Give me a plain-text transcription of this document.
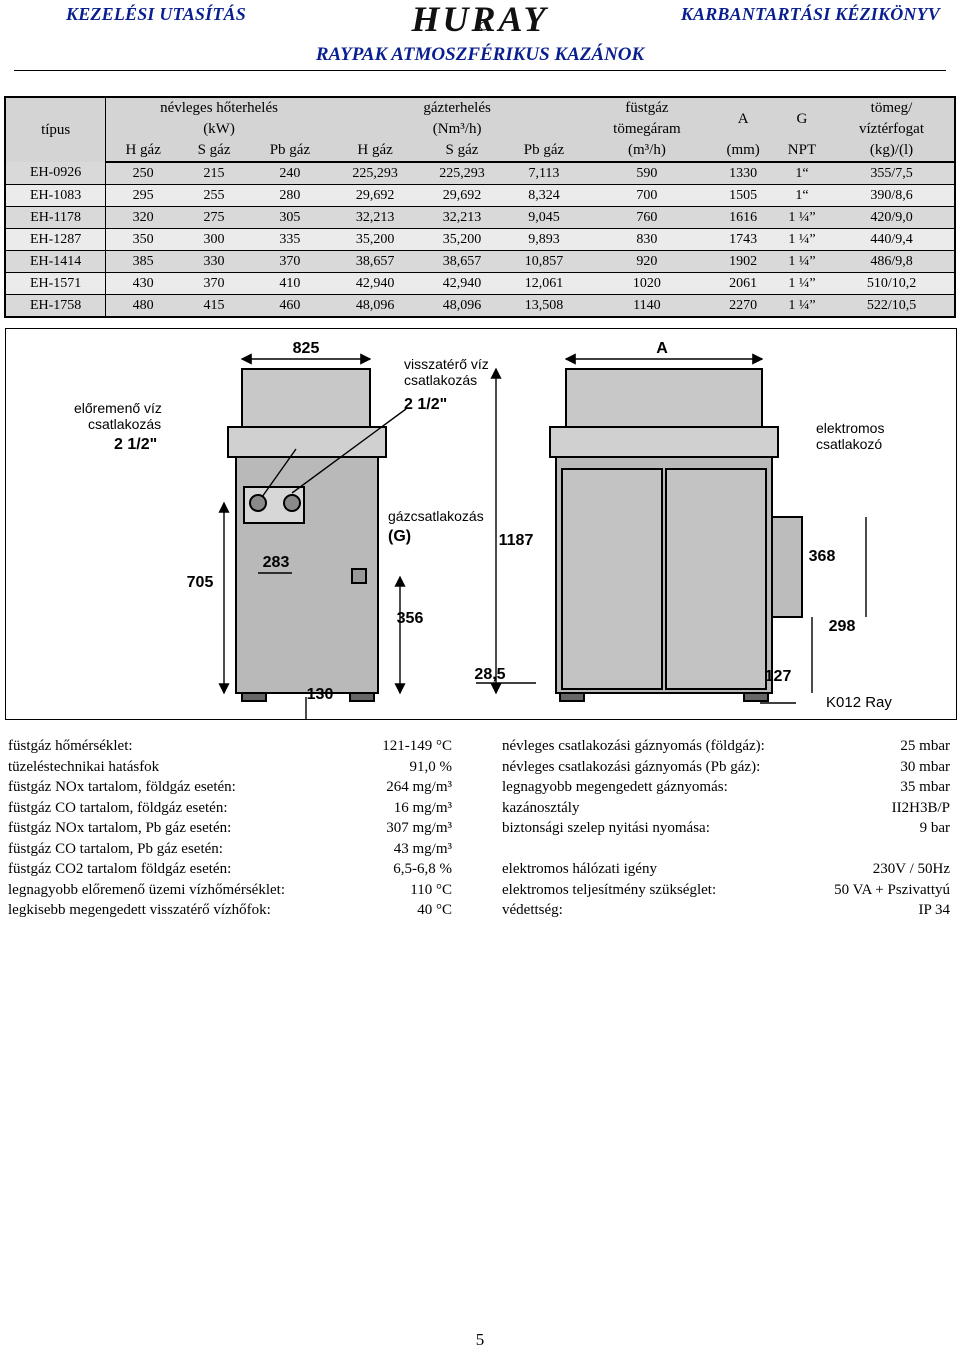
KEZELÉSI UTASÍTÁS	HURAY	KARBANTARTÁSI KÉZIKÖNYV
RAYPAK ATMOSZFÉRIKUS KAZÁNOK
típus	névleges hőterhelés			gázterhelés			füstgáz	A	G	tömeg/
	(kW)			(Nm³/h)			tömegáram			víztérfogat
	H gáz	S gáz	Pb gáz	H gáz	S gáz	Pb gáz	(m³/h)	(mm)	NPT	(kg)/(l)
EH-0926	250	215	240	225,293	225,293	7,113	590	1330	1“	355/7,5
EH-1083	295	255	280	29,692	29,692	8,324	700	1505	1“	390/8,6
EH-1178	320	275	305	32,213	32,213	9,045	760	1616	1 ¼”	420/9,0
EH-1287	350	300	335	35,200	35,200	9,893	830	1743	1 ¼”	440/9,4
EH-1414	385	330	370	38,657	38,657	10,857	920	1902	1 ¼”	486/9,8
EH-1571	430	370	410	42,940	42,940	12,061	1020	2061	1 ¼”	510/10,2
EH-1758	480	415	460	48,096	48,096	13,508	1140	2270	1 ¼”	522/10,5
825	A
1187
705
283
356
130
28,5	127
368
298
visszatérő víz
csatlakozás
2 1/2"
előremenő víz
csatlakozás
2 1/2"
gázcsatlakozás
(G)
elektromos
csatlakozó
K012 Ray
füstgáz hőmérséklet:	121-149 °C
tüzeléstechnikai hatásfok	91,0 %
füstgáz NOx tartalom, földgáz esetén:	264 mg/m³
füstgáz CO tartalom, földgáz esetén:	16 mg/m³
füstgáz NOx tartalom, Pb gáz esetén:	307 mg/m³
füstgáz CO tartalom, Pb gáz esetén:	43 mg/m³
füstgáz CO2 tartalom földgáz esetén:	6,5-6,8 %
legnagyobb előremenő üzemi vízhőmérséklet:	110 °C
legkisebb megengedett visszatérő vízhőfok:	40 °C
névleges csatlakozási gáznyomás (földgáz):	25 mbar
névleges csatlakozási gáznyomás (Pb gáz):	30 mbar
legnagyobb megengedett gáznyomás:	35 mbar
kazánosztály	II2H3B/P
biztonsági szelep nyitási nyomása:	9 bar
elektromos hálózati igény	230V / 50Hz
elektromos teljesítmény szükséglet:	50 VA + Pszivattyú
védettség:	IP 34
5
